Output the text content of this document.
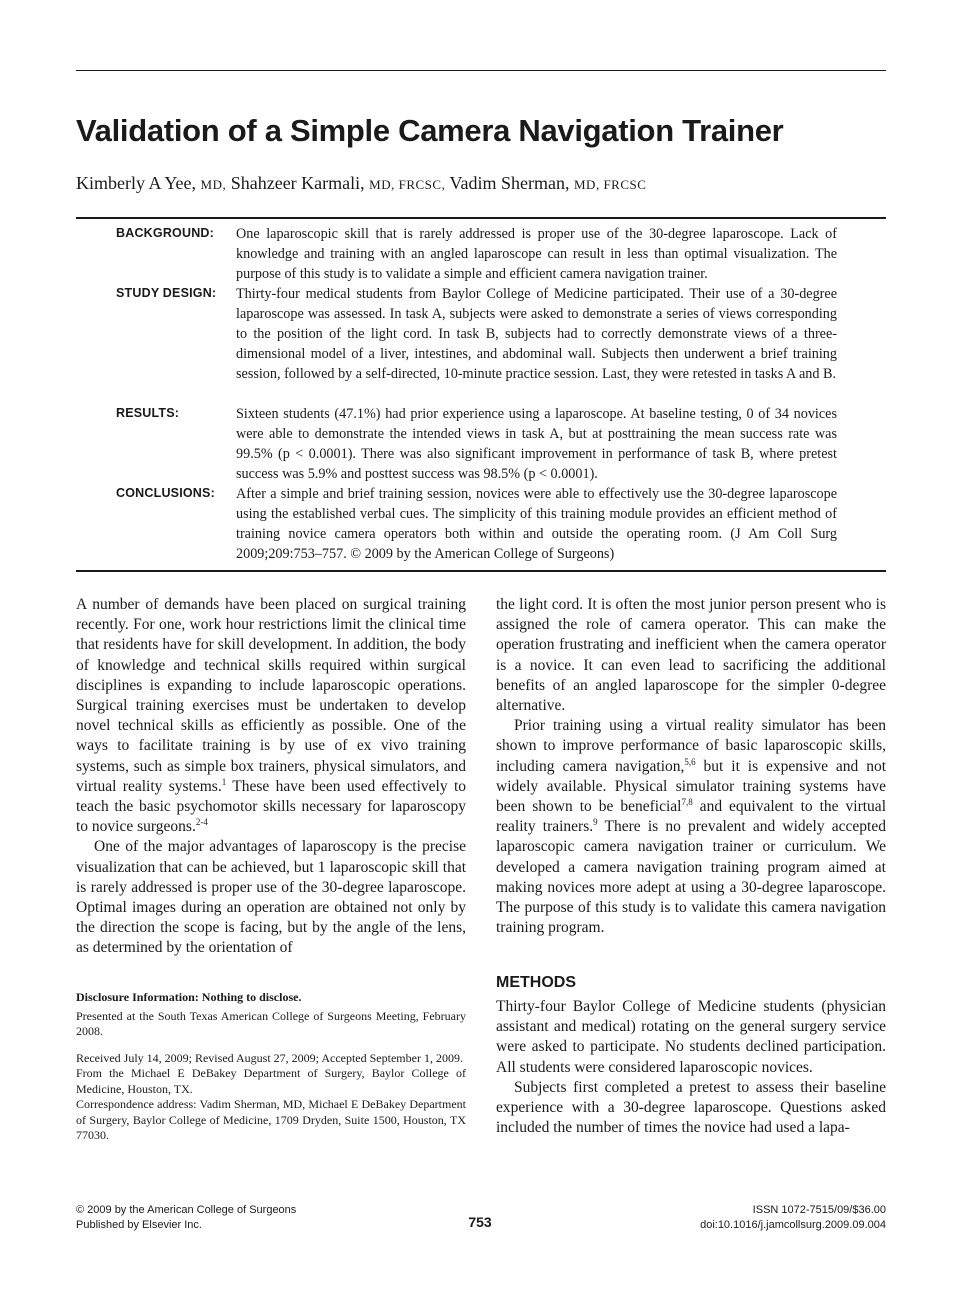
Validation of a Simple Camera Navigation Trainer
Kimberly A Yee, MD, Shahzeer Karmali, MD, FRCSC, Vadim Sherman, MD, FRCSC
BACKGROUND: One laparoscopic skill that is rarely addressed is proper use of the 30-degree laparoscope. Lack of knowledge and training with an angled laparoscope can result in less than optimal visualization. The purpose of this study is to validate a simple and efficient camera navigation trainer.
STUDY DESIGN: Thirty-four medical students from Baylor College of Medicine participated. Their use of a 30-degree laparoscope was assessed. In task A, subjects were asked to demonstrate a series of views corresponding to the position of the light cord. In task B, subjects had to correctly demonstrate views of a three-dimensional model of a liver, intestines, and abdominal wall. Subjects then underwent a brief training session, followed by a self-directed, 10-minute practice session. Last, they were retested in tasks A and B.
RESULTS:	Sixteen students (47.1%) had prior experience using a laparoscope. At baseline testing, 0 of 34 novices were able to demonstrate the intended views in task A, but at posttraining the mean success rate was 99.5% (p < 0.0001). There was also significant improvement in performance of task B, where pretest success was 5.9% and posttest success was 98.5% (p < 0.0001).
CONCLUSIONS: After a simple and brief training session, novices were able to effectively use the 30-degree laparoscope using the established verbal cues. The simplicity of this training module provides an efficient method of training novice camera operators both within and outside the operating room. (J Am Coll Surg 2009;209:753–757. © 2009 by the American College of Surgeons)

A number of demands have been placed on surgical training recently. For one, work hour restrictions limit the clinical time that residents have for skill development. In addition, the body of knowledge and technical skills required within surgical disciplines is expanding to include laparoscopic operations. Surgical training exercises must be undertaken to develop novel technical skills as efficiently as possible. One of the ways to facilitate training is by use of ex vivo training systems, such as simple box trainers, physical simulators, and virtual reality systems.$^1$ These have been used effectively to teach the basic psychomotor skills necessary for laparoscopy to novice surgeons.$^{2-4}$

One of the major advantages of laparoscopy is the precise visualization that can be achieved, but 1 laparoscopic skill that is rarely addressed is proper use of the 30-degree laparoscope. Optimal images during an operation are obtained not only by the direction the scope is facing, but by the angle of the lens, as determined by the orientation of

Disclosure Information: Nothing to disclose.

Presented at the South Texas American College of Surgeons Meeting, February 2008.

Received July 14, 2009; Revised August 27, 2009; Accepted September 1, 2009.

From the Michael E DeBakey Department of Surgery, Baylor College of Medicine, Houston, TX.

Correspondence address: Vadim Sherman, MD, Michael E DeBakey Department of Surgery, Baylor College of Medicine, 1709 Dryden, Suite 1500, Houston, TX 77030.

the light cord. It is often the most junior person present who is assigned the role of camera operator. This can make the operation frustrating and inefficient when the camera operator is a novice. It can even lead to sacrificing the additional benefits of an angled laparoscope for the simpler 0-degree alternative.

Prior training using a virtual reality simulator has been shown to improve performance of basic laparoscopic skills, including camera navigation,$^{5,6}$ but it is expensive and not widely available. Physical simulator training systems have been shown to be beneficial$^{7,8}$ and equivalent to the virtual reality trainers.$^9$ There is no prevalent and widely accepted laparoscopic camera navigation trainer or curriculum. We developed a camera navigation training program aimed at making novices more adept at using a 30-degree laparoscope. The purpose of this study is to validate this camera navigation training program.

METHODS

Thirty-four Baylor College of Medicine students (physician assistant and medical) rotating on the general surgery service were asked to participate. No students declined participation. All students were considered laparoscopic novices.

Subjects first completed a pretest to assess their baseline experience with a 30-degree laparoscope. Questions asked included the number of times the novice had used a lapa-

© 2009 by the American College of Surgeons
Published by Elsevier Inc.	753
ISSN 1072-7515/09/$36.00
doi:10.1016/j.jamcollsurg.2009.09.004
